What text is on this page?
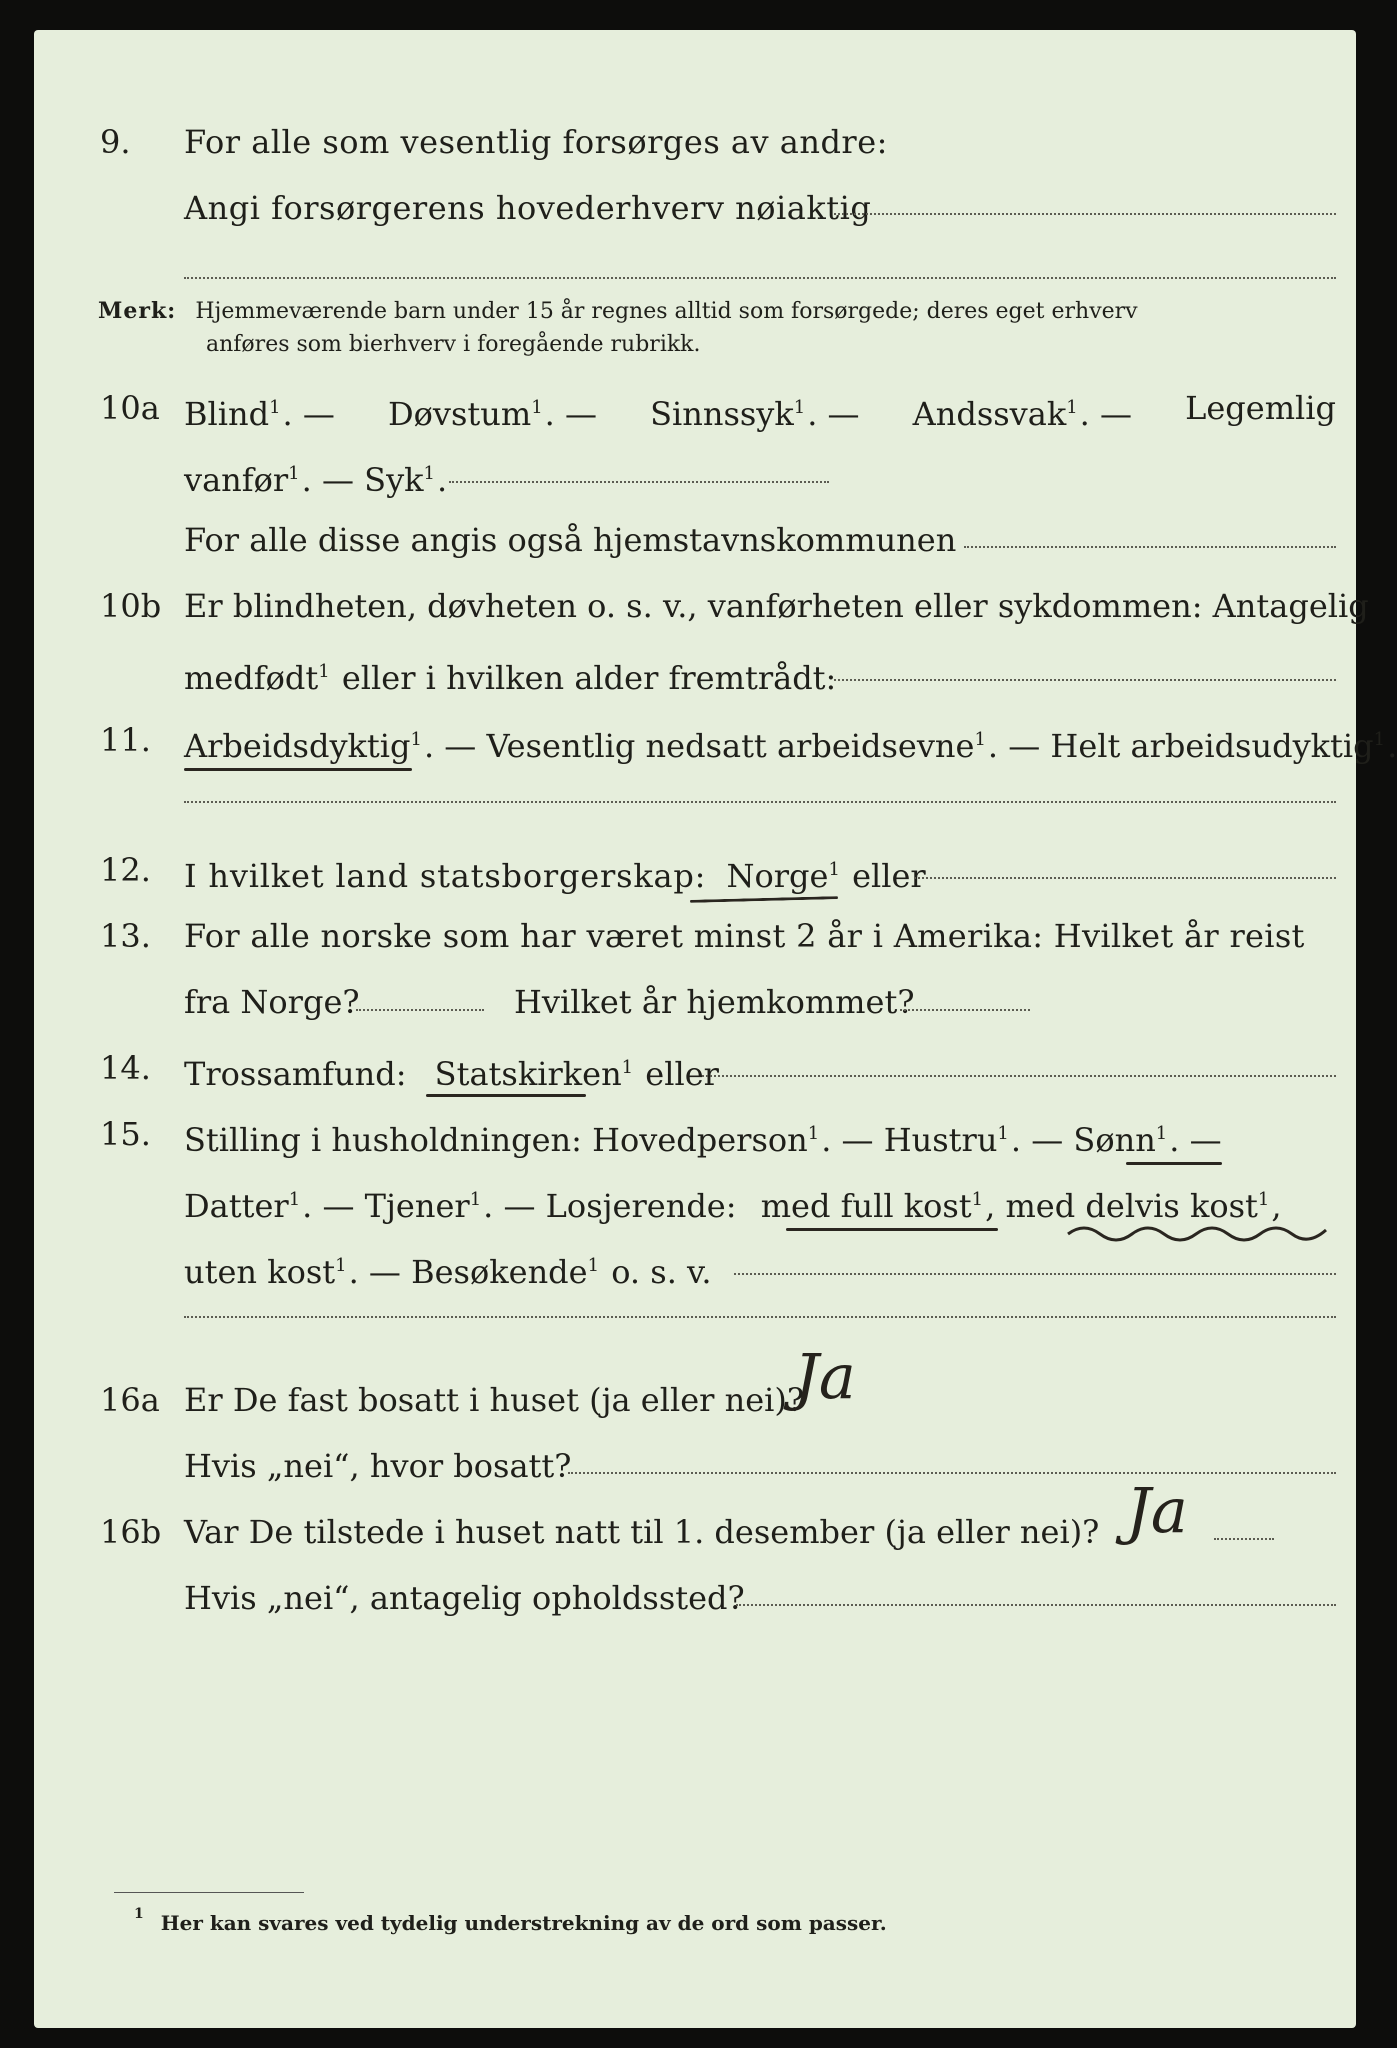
9. For alle som vesentlig forsørges av andre:
Angi forsørgerens hovederhverv nøiaktig
Merk: Hjemmeværende barn under 15 år regnes alltid som forsørgede; deres eget erhverv
anføres som bierhverv i foregående rubrikk.
10a Blind$^1$. — Døvstum$^1$. — Sinnssyk$^1$. — Andssvak$^1$. — Legemlig
vanfør$^1$. — Syk$^1$.
For alle disse angis også hjemstavnskommunen
10b Er blindheten, døvheten o. s. v., vanførheten eller sykdommen: Antagelig
medfødt$^1$ eller i hvilken alder fremtrådt:
11. Arbeidsdyktig$^1$. — Vesentlig nedsatt arbeidsevne$^1$. — Helt arbeidsudyktig$^1$.
12. I hvilket land statsborgerskap: Norge$^1$ eller
13. For alle norske som har været minst 2 år i Amerika: Hvilket år reist
fra Norge?	Hvilket år hjemkommet?
14. Trossamfund: Statskirken$^1$ eller
15. Stilling i husholdningen: Hovedperson$^1$. — Hustru$^1$. — Sønn$^1$. —
Datter$^1$. — Tjener$^1$. — Losjerende: med full kost$^1$, med delvis kost$^1$,
uten kost$^1$. — Besøkende$^1$ o. s. v.
16a Er De fast bosatt i huset (ja eller nei)?
Ja
Hvis „nei“, hvor bosatt?
16b Var De tilstede i huset natt til 1. desember (ja eller nei)? Ja
Hvis „nei“, antagelig opholdssted?
$^1$ Her kan svares ved tydelig understrekning av de ord som passer.
